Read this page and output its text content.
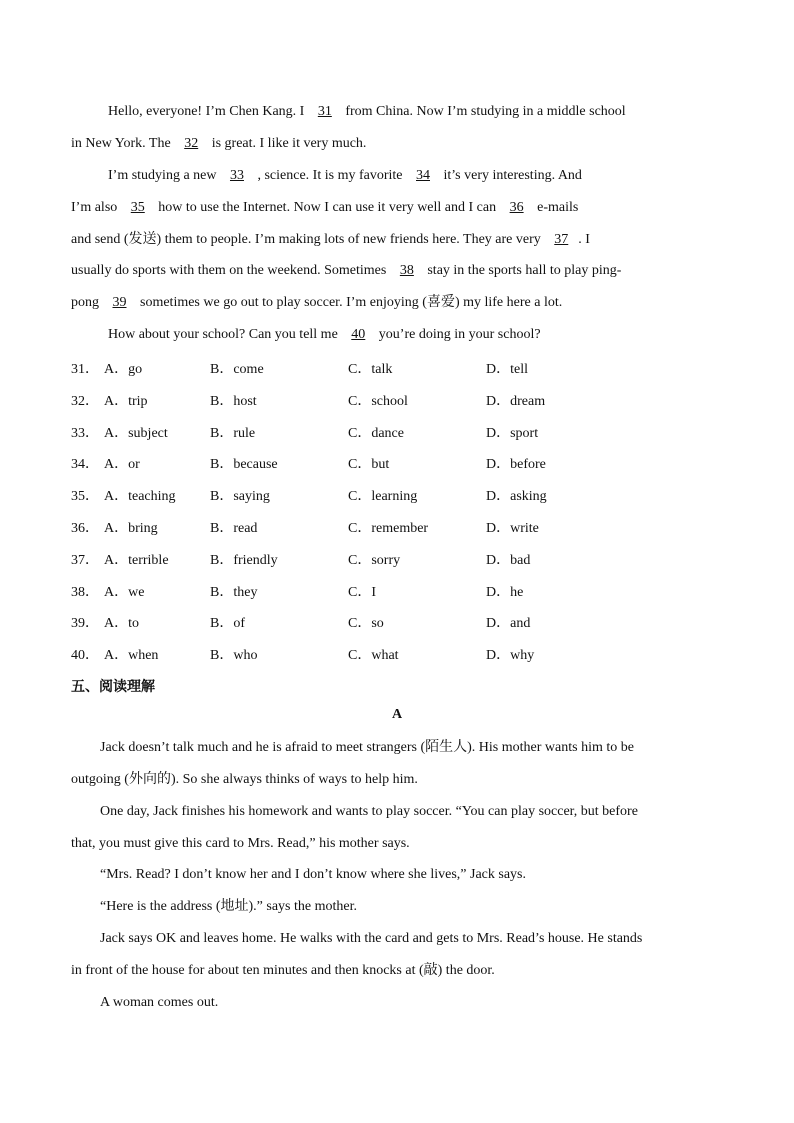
Hello, everyone! I’m Chen Kang. I 31 from China. Now I’m studying in a middle school
in New York. The 32 is great. I like it very much.
I’m studying a new 33 , science. It is my favorite 34 it’s very interesting. And
I’m also 35 how to use the Internet. Now I can use it very well and I can 36 e-mails
and send (发送) them to people. I’m making lots of new friends here. They are very 37 . I
usually do sports with them on the weekend. Sometimes 38 stay in the sports hall to play ping-
pong 39 sometimes we go out to play soccer. I’m enjoying (喜爱) my life here a lot.
How about your school? Can you tell me 40 you’re doing in your school?
31． A．go	B．come	C．talk	D．tell
32． A．trip	B．host	C．school	D．dream
33． A．subject	B．rule	C．dance	D．sport
34． A．or	B．because	C．but	D．before
35． A．teaching B．saying	C．learning	D．asking
36． A．bring	B．read	C．remember	D．write
37． A．terrible	B．friendly	C．sorry	D．bad
38． A．we	B．they	C．I	D．he
39． A．to	B．of	C．so	D．and
40． A．when	B．who	C．what	D．why
五、阅读理解
A
Jack doesn’t talk much and he is afraid to meet strangers (陌生人). His mother wants him to be
outgoing (外向的). So she always thinks of ways to help him.
One day, Jack finishes his homework and wants to play soccer. “You can play soccer, but before
that, you must give this card to Mrs. Read,” his mother says.
“Mrs. Read? I don’t know her and I don’t know where she lives,” Jack says.
“Here is the address (地址).” says the mother.
Jack says OK and leaves home. He walks with the card and gets to Mrs. Read’s house. He stands
in front of the house for about ten minutes and then knocks at (敲) the door.
A woman comes out.
